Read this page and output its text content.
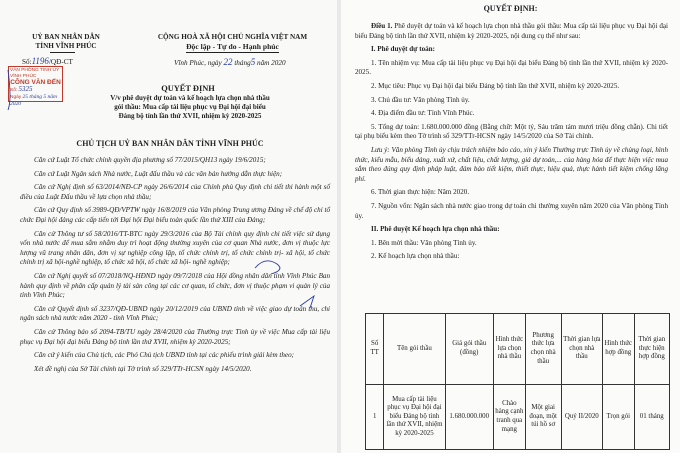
UỶ BAN NHÂN DÂN
TỈNH VĨNH PHÚC
Số:1196/QĐ-CT
CỘNG HOÀ XÃ HỘI CHỦ NGHĨA VIỆT NAM
Độc lập - Tự do - Hạnh phúc
Vĩnh Phúc, ngày 22 tháng5 năm 2020
VĂN PHÒNG TỈNH ỦY VĨNH PHÚC
CÔNG VĂN ĐẾN
Số: 5325
Ngày 25 tháng 5 năm 2020
QUYẾT ĐỊNH
V/v phê duyệt dự toán và kế hoạch lựa chọn nhà thầu
gói thầu: Mua cấp tài liệu phục vụ Đại hội đại biểu
Đảng bộ tỉnh lần thứ XVII, nhiệm kỳ 2020-2025
CHỦ TỊCH UỶ BAN NHÂN DÂN TỈNH VĨNH PHÚC
Căn cứ Luật Tổ chức chính quyền địa phương số 77/2015/QH13 ngày 19/6/2015;
Căn cứ Luật Ngân sách Nhà nước, Luật đấu thầu và các văn bản hướng dẫn thực hiện;
Căn cứ Nghị định số 63/2014/NĐ-CP ngày 26/6/2014 của Chính phủ Quy định chi tiết thi hành một số điều của Luật Đấu thầu về lựa chọn nhà thầu;
Căn cứ Quy định số 3989-QĐ/VPTW ngày 16/8/2019 của Văn phòng Trung ương Đảng về chế độ chi tổ chức Đại hội đảng các cấp tiến tới Đại hội Đại biểu toàn quốc lần thứ XIII của Đảng;
Căn cứ Thông tư số 58/2016/TT-BTC ngày 29/3/2016 của Bộ Tài chính quy định chi tiết việc sử dụng vốn nhà nước để mua sắm nhằm duy trì hoạt động thường xuyên của cơ quan Nhà nước, đơn vị thuộc lực lượng vũ trang nhân dân, đơn vị sự nghiệp công lập, tổ chức chính trị, tổ chức chính trị- xã hội, tổ chức chính trị xã hội-nghề nghiệp, tổ chức xã hội, tổ chức xã hội- nghề nghiệp;
Căn cứ Nghị quyết số 07/2018/NQ-HĐND ngày 09/7/2018 của Hội đồng nhân dân tỉnh Vĩnh Phúc Ban hành quy định về phân cấp quản lý tài sản công tại các cơ quan, tổ chức, đơn vị thuộc phạm vi quản lý của tỉnh Vĩnh Phúc;
Căn cứ Quyết định số 3237/QĐ-UBND ngày 20/12/2019 của UBND tỉnh về việc giao dự toán thu, chi ngân sách nhà nước năm 2020 - tỉnh Vĩnh Phúc;
Căn cứ Thông báo số 2094-TB/TU ngày 28/4/2020 của Thường trực Tỉnh ủy về việc Mua cấp tài liệu phục vụ Đại hội đại biểu Đảng bộ tỉnh lần thứ XVII, nhiệm kỳ 2020-2025;
Căn cứ ý kiến của Chủ tịch, các Phó Chủ tịch UBND tỉnh tại các phiếu trình giải kèm theo;
Xét đề nghị của Sở Tài chính tại Tờ trình số 329/TTr-HCSN ngày 14/5/2020.
QUYẾT ĐỊNH:
Điều 1. Phê duyệt dự toán và kế hoạch lựa chọn nhà thầu gói thầu: Mua cấp tài liệu phục vụ Đại hội đại biểu Đảng bộ tỉnh lần thứ XVII, nhiệm kỳ 2020-2025, nội dung cụ thể như sau:
I. Phê duyệt dự toán:
1. Tên nhiệm vụ: Mua cấp tài liệu phục vụ Đại hội đại biểu Đảng bộ tỉnh lần thứ XVII, nhiệm kỳ 2020-2025.
2. Mục tiêu: Phục vụ Đại hội đại biểu Đảng bộ tỉnh lần thứ XVII, nhiệm kỳ 2020-2025.
3. Chủ đầu tư: Văn phòng Tỉnh ủy.
4. Địa điểm đầu tư: Tỉnh Vĩnh Phúc.
5. Tổng dự toán: 1.680.000.000 đồng (Bằng chữ: Một tỷ, Sáu trăm tám mươi triệu đồng chẵn). Chi tiết tại phụ biểu kèm theo Tờ trình số 329/TTr-HCSN ngày 14/5/2020 của Sở Tài chính.
Lưu ý: Văn phòng Tỉnh ủy chịu trách nhiệm báo cáo, xin ý kiến Thường trực Tỉnh ủy về chủng loại, hình thức, kiểu mẫu, biểu dáng, xuất xứ, chất liệu, chất lượng, giá dự toán,... của hàng hóa để thực hiện việc mua sắm theo đúng quy định pháp luật, đảm bảo tiết kiệm, thiết thực, hiệu quả, thực hành tiết kiệm chống lãng phí.
6. Thời gian thực hiện: Năm 2020.
7. Nguồn vốn: Ngân sách nhà nước giao trong dự toán chi thường xuyên năm 2020 của Văn phòng Tỉnh ủy.
II. Phê duyệt Kế hoạch lựa chọn nhà thầu:
1. Bên mời thầu: Văn phòng Tỉnh ủy.
2. Kế hoạch lựa chọn nhà thầu:
Số TT	Tên gói thầu	Giá gói thầu (đồng)	Hình thức lựa chọn nhà thầu	Phương thức lựa chọn nhà thầu	Thời gian lựa chọn nhà thầu	Hình thức hợp đồng	Thời gian thực hiện hợp đồng
1	Mua cấp tài liệu phục vụ Đại hội đại biểu Đảng bộ tỉnh lần thứ XVII, nhiệm kỳ 2020-2025	1.680.000.000	Chào hàng cạnh tranh qua mạng	Một giai đoạn, một túi hồ sơ	Quý II/2020	Trọn gói	01 tháng
